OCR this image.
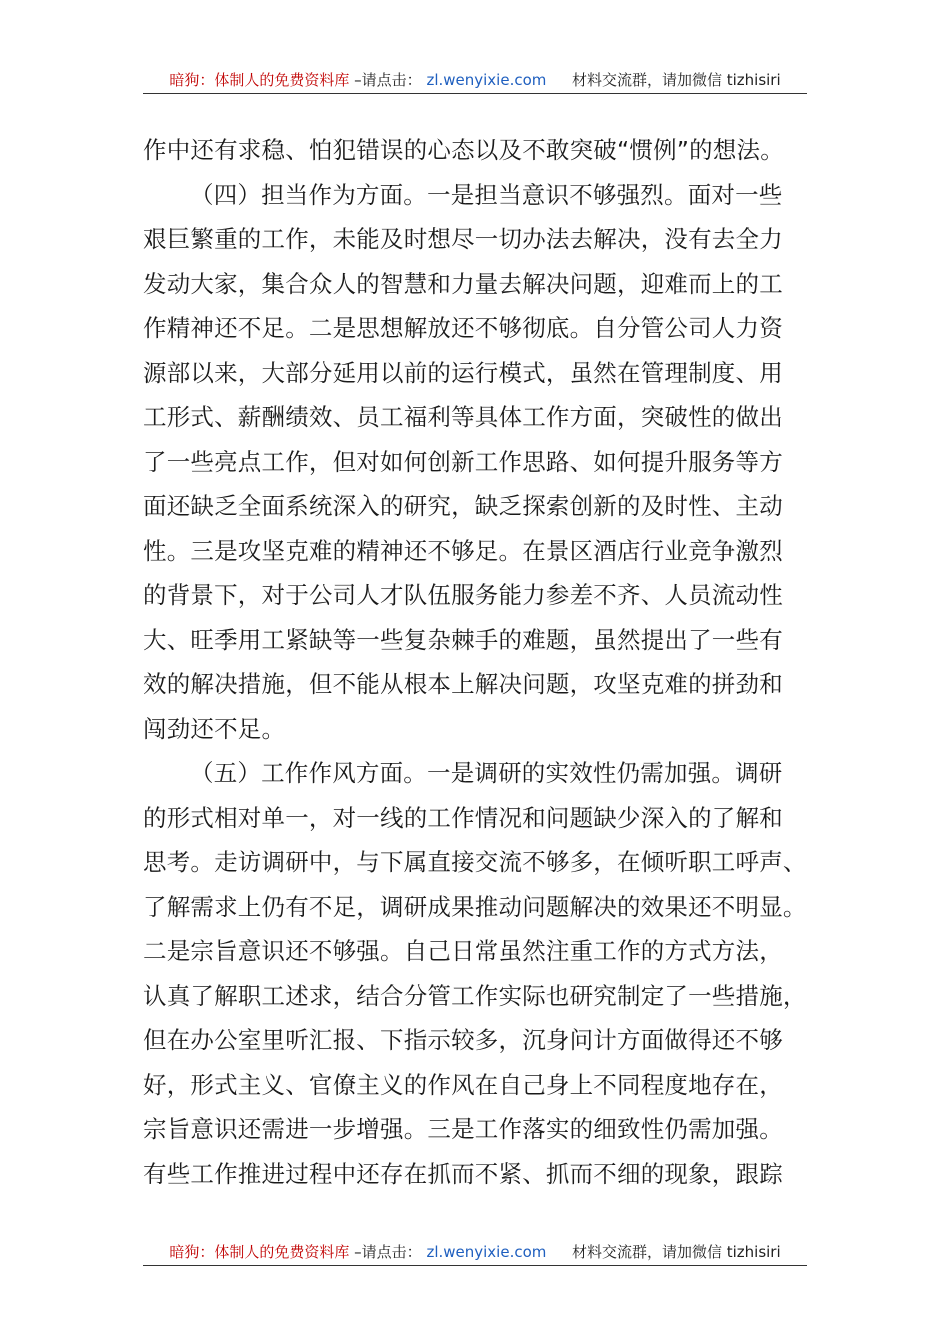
暗狗：体制人的免费资料库 –请点击： zl.wenyixie.com 材料交流群，请加微信 tizhisiri
作中还有求稳、怕犯错误的心态以及不敢突破“惯例”的想法。
（四）担当作为方面。一是担当意识不够强烈。面对一些
艰巨繁重的工作，未能及时想尽一切办法去解决，没有去全力
发动大家，集合众人的智慧和力量去解决问题，迎难而上的工
作精神还不足。二是思想解放还不够彻底。自分管公司人力资
源部以来，大部分延用以前的运行模式，虽然在管理制度、用
工形式、薪酬绩效、员工福利等具体工作方面，突破性的做出
了一些亮点工作，但对如何创新工作思路、如何提升服务等方
面还缺乏全面系统深入的研究，缺乏探索创新的及时性、主动
性。三是攻坚克难的精神还不够足。在景区酒店行业竞争激烈
的背景下，对于公司人才队伍服务能力参差不齐、人员流动性
大、旺季用工紧缺等一些复杂棘手的难题，虽然提出了一些有
效的解决措施，但不能从根本上解决问题，攻坚克难的拼劲和
闯劲还不足。
（五）工作作风方面。一是调研的实效性仍需加强。调研
的形式相对单一，对一线的工作情况和问题缺少深入的了解和
思考。走访调研中，与下属直接交流不够多，在倾听职工呼声、
了解需求上仍有不足，调研成果推动问题解决的效果还不明显。
二是宗旨意识还不够强。自己日常虽然注重工作的方式方法，
认真了解职工述求，结合分管工作实际也研究制定了一些措施，
但在办公室里听汇报、下指示较多，沉身问计方面做得还不够
好，形式主义、官僚主义的作风在自己身上不同程度地存在，
宗旨意识还需进一步增强。三是工作落实的细致性仍需加强。
有些工作推进过程中还存在抓而不紧、抓而不细的现象，跟踪
暗狗：体制人的免费资料库 –请点击： zl.wenyixie.com 材料交流群，请加微信 tizhisiri
